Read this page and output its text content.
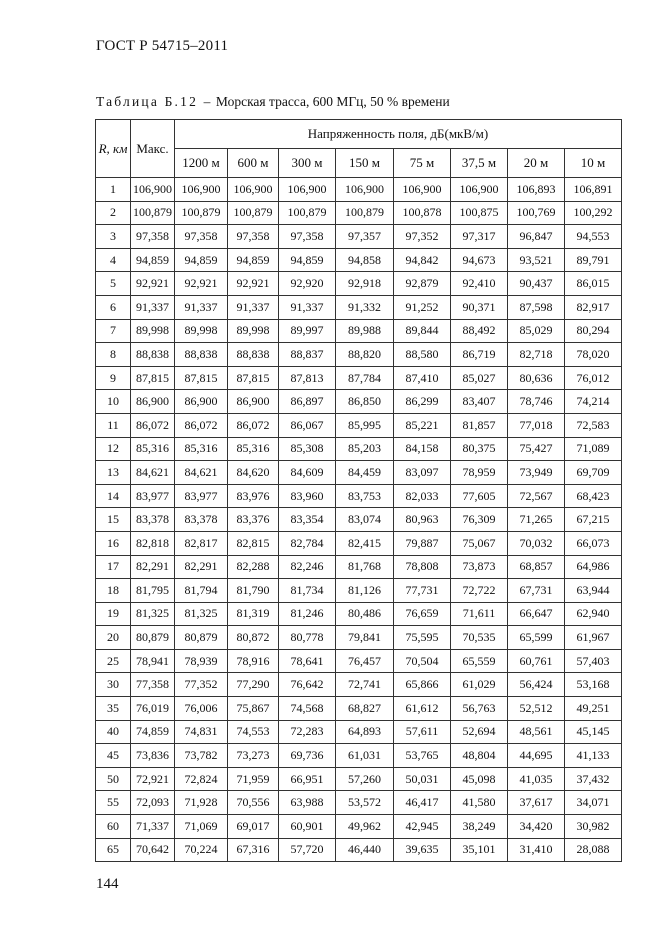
ГОСТ Р 54715–2011
Таблица Б.12 – Морская трасса, 600 МГц, 50 % времени
R, км	Макс.	Напряженность поля, дБ(мкВ/м)							
		1200 м	600 м	300 м	150 м	75 м	37,5 м	20 м	10 м
1	106,900	106,900	106,900	106,900	106,900	106,900	106,900	106,893	106,891
2	100,879	100,879	100,879	100,879	100,879	100,878	100,875	100,769	100,292
3	97,358	97,358	97,358	97,358	97,357	97,352	97,317	96,847	94,553
4	94,859	94,859	94,859	94,859	94,858	94,842	94,673	93,521	89,791
5	92,921	92,921	92,921	92,920	92,918	92,879	92,410	90,437	86,015
6	91,337	91,337	91,337	91,337	91,332	91,252	90,371	87,598	82,917
7	89,998	89,998	89,998	89,997	89,988	89,844	88,492	85,029	80,294
8	88,838	88,838	88,838	88,837	88,820	88,580	86,719	82,718	78,020
9	87,815	87,815	87,815	87,813	87,784	87,410	85,027	80,636	76,012
10	86,900	86,900	86,900	86,897	86,850	86,299	83,407	78,746	74,214
11	86,072	86,072	86,072	86,067	85,995	85,221	81,857	77,018	72,583
12	85,316	85,316	85,316	85,308	85,203	84,158	80,375	75,427	71,089
13	84,621	84,621	84,620	84,609	84,459	83,097	78,959	73,949	69,709
14	83,977	83,977	83,976	83,960	83,753	82,033	77,605	72,567	68,423
15	83,378	83,378	83,376	83,354	83,074	80,963	76,309	71,265	67,215
16	82,818	82,817	82,815	82,784	82,415	79,887	75,067	70,032	66,073
17	82,291	82,291	82,288	82,246	81,768	78,808	73,873	68,857	64,986
18	81,795	81,794	81,790	81,734	81,126	77,731	72,722	67,731	63,944
19	81,325	81,325	81,319	81,246	80,486	76,659	71,611	66,647	62,940
20	80,879	80,879	80,872	80,778	79,841	75,595	70,535	65,599	61,967
25	78,941	78,939	78,916	78,641	76,457	70,504	65,559	60,761	57,403
30	77,358	77,352	77,290	76,642	72,741	65,866	61,029	56,424	53,168
35	76,019	76,006	75,867	74,568	68,827	61,612	56,763	52,512	49,251
40	74,859	74,831	74,553	72,283	64,893	57,611	52,694	48,561	45,145
45	73,836	73,782	73,273	69,736	61,031	53,765	48,804	44,695	41,133
50	72,921	72,824	71,959	66,951	57,260	50,031	45,098	41,035	37,432
55	72,093	71,928	70,556	63,988	53,572	46,417	41,580	37,617	34,071
60	71,337	71,069	69,017	60,901	49,962	42,945	38,249	34,420	30,982
65	70,642	70,224	67,316	57,720	46,440	39,635	35,101	31,410	28,088
144
